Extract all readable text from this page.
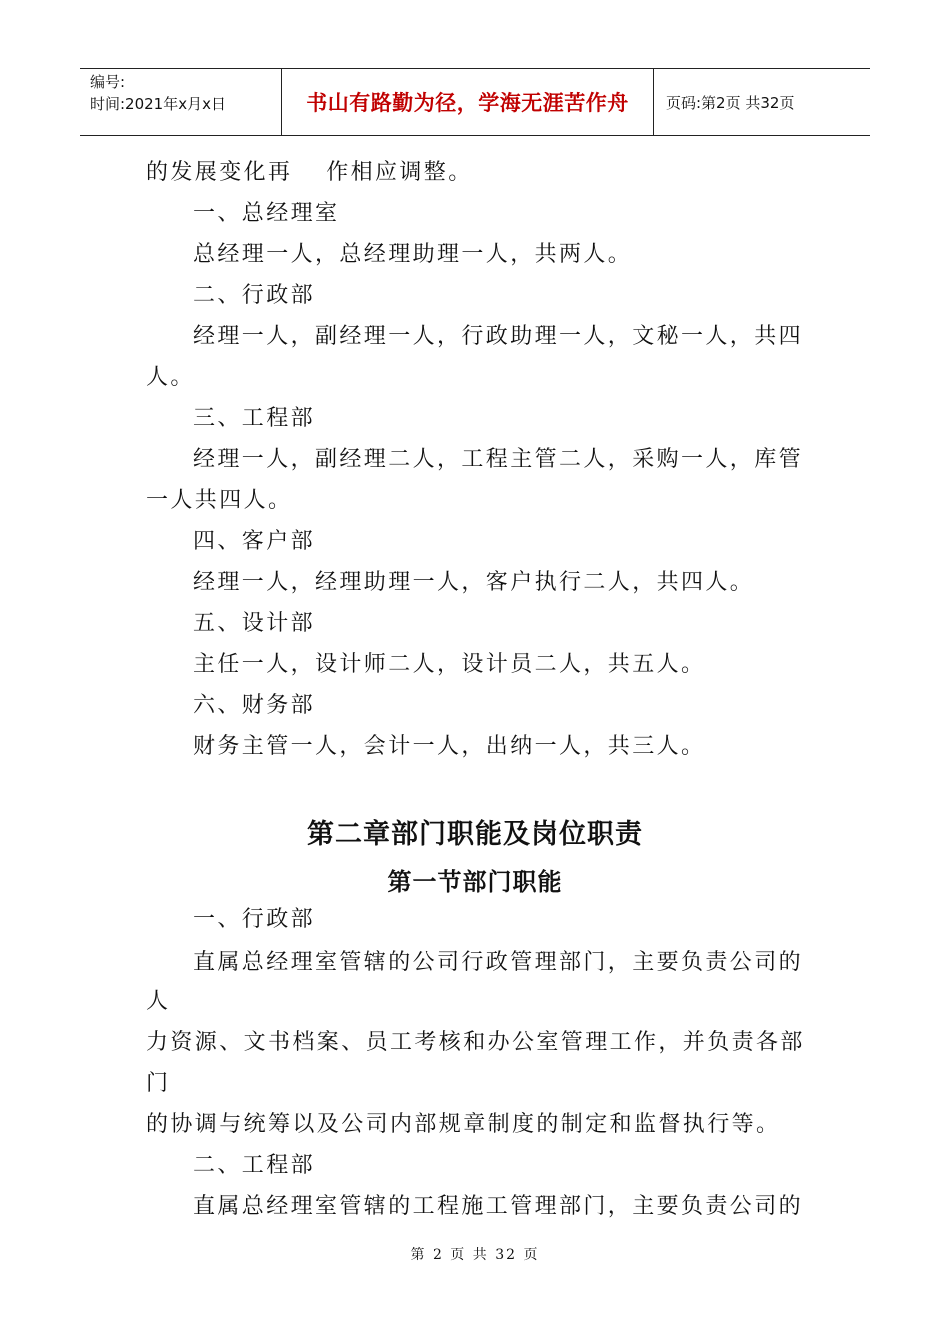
编号:
时间:2021年x月x日	书山有路勤为径，学海无涯苦作舟	页码:第2页 共32页
的发展变化再　 作相应调整。
一、总经理室
总经理一人，总经理助理一人，共两人。
二、行政部
经理一人，副经理一人，行政助理一人，文秘一人，共四
人。
三、工程部
经理一人，副经理二人，工程主管二人，采购一人，库管
一人共四人。
四、客户部
经理一人，经理助理一人，客户执行二人，共四人。
五、设计部
主任一人，设计师二人，设计员二人，共五人。
六、财务部
财务主管一人，会计一人，出纳一人，共三人。
第二章部门职能及岗位职责
第一节部门职能
一、行政部
直属总经理室管辖的公司行政管理部门，主要负责公司的
人
力资源、文书档案、员工考核和办公室管理工作，并负责各部
门
的协调与统筹以及公司内部规章制度的制定和监督执行等。
二、工程部
直属总经理室管辖的工程施工管理部门，主要负责公司的
第 2 页 共 32 页
